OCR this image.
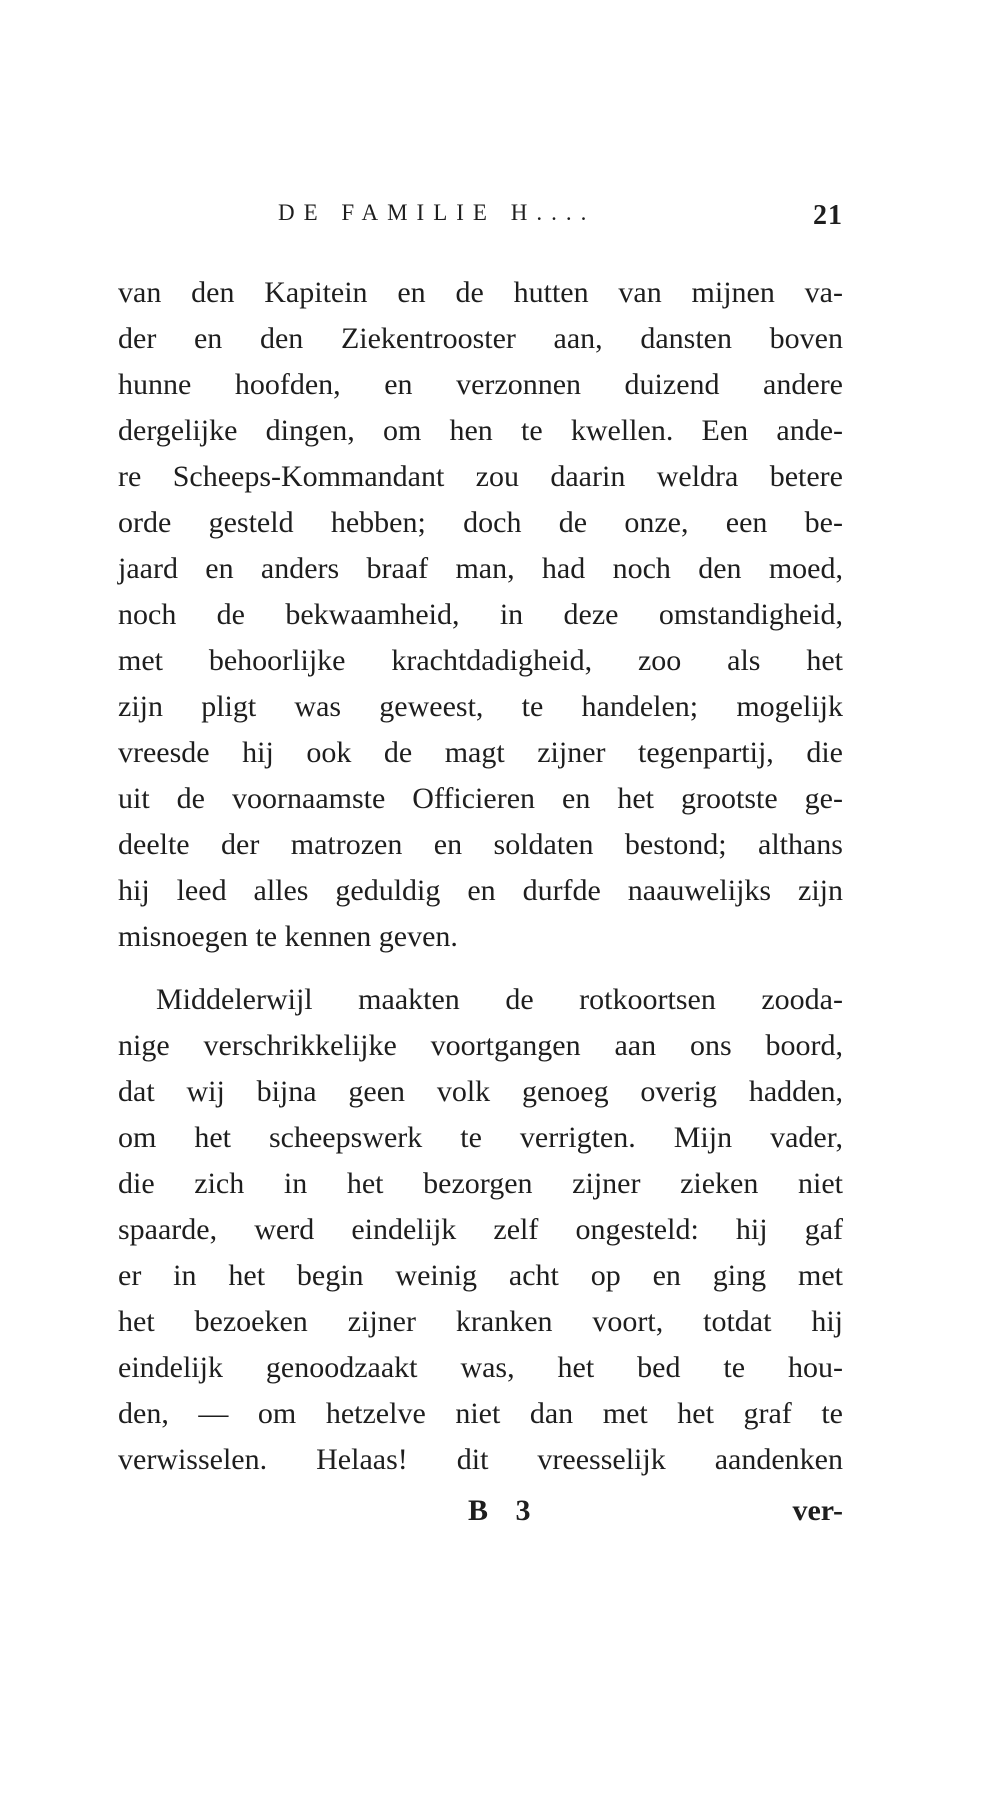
DE FAMILIE H....	21
van den Kapitein en de hutten van mijnen va-
der en den Ziekentrooster aan, dansten boven
hunne hoofden, en verzonnen duizend andere
dergelijke dingen, om hen te kwellen. Een ande-
re Scheeps-Kommandant zou daarin weldra betere
orde gesteld hebben; doch de onze, een be-
jaard en anders braaf man, had noch den moed,
noch de bekwaamheid, in deze omstandigheid,
met behoorlijke krachtdadigheid, zoo als het
zijn pligt was geweest, te handelen; mogelijk
vreesde hij ook de magt zijner tegenpartij, die
uit de voornaamste Officieren en het grootste ge-
deelte der matrozen en soldaten bestond; althans
hij leed alles geduldig en durfde naauwelijks zijn
misnoegen te kennen geven.
Middelerwijl maakten de rotkoortsen zooda-
nige verschrikkelijke voortgangen aan ons boord,
dat wij bijna geen volk genoeg overig hadden,
om het scheepswerk te verrigten. Mijn vader,
die zich in het bezorgen zijner zieken niet
spaarde, werd eindelijk zelf ongesteld: hij gaf
er in het begin weinig acht op en ging met
het bezoeken zijner kranken voort, totdat hij
eindelijk genoodzaakt was, het bed te hou-
den, — om hetzelve niet dan met het graf te
verwisselen. Helaas! dit vreesselijk aandenken
B 3	ver-
